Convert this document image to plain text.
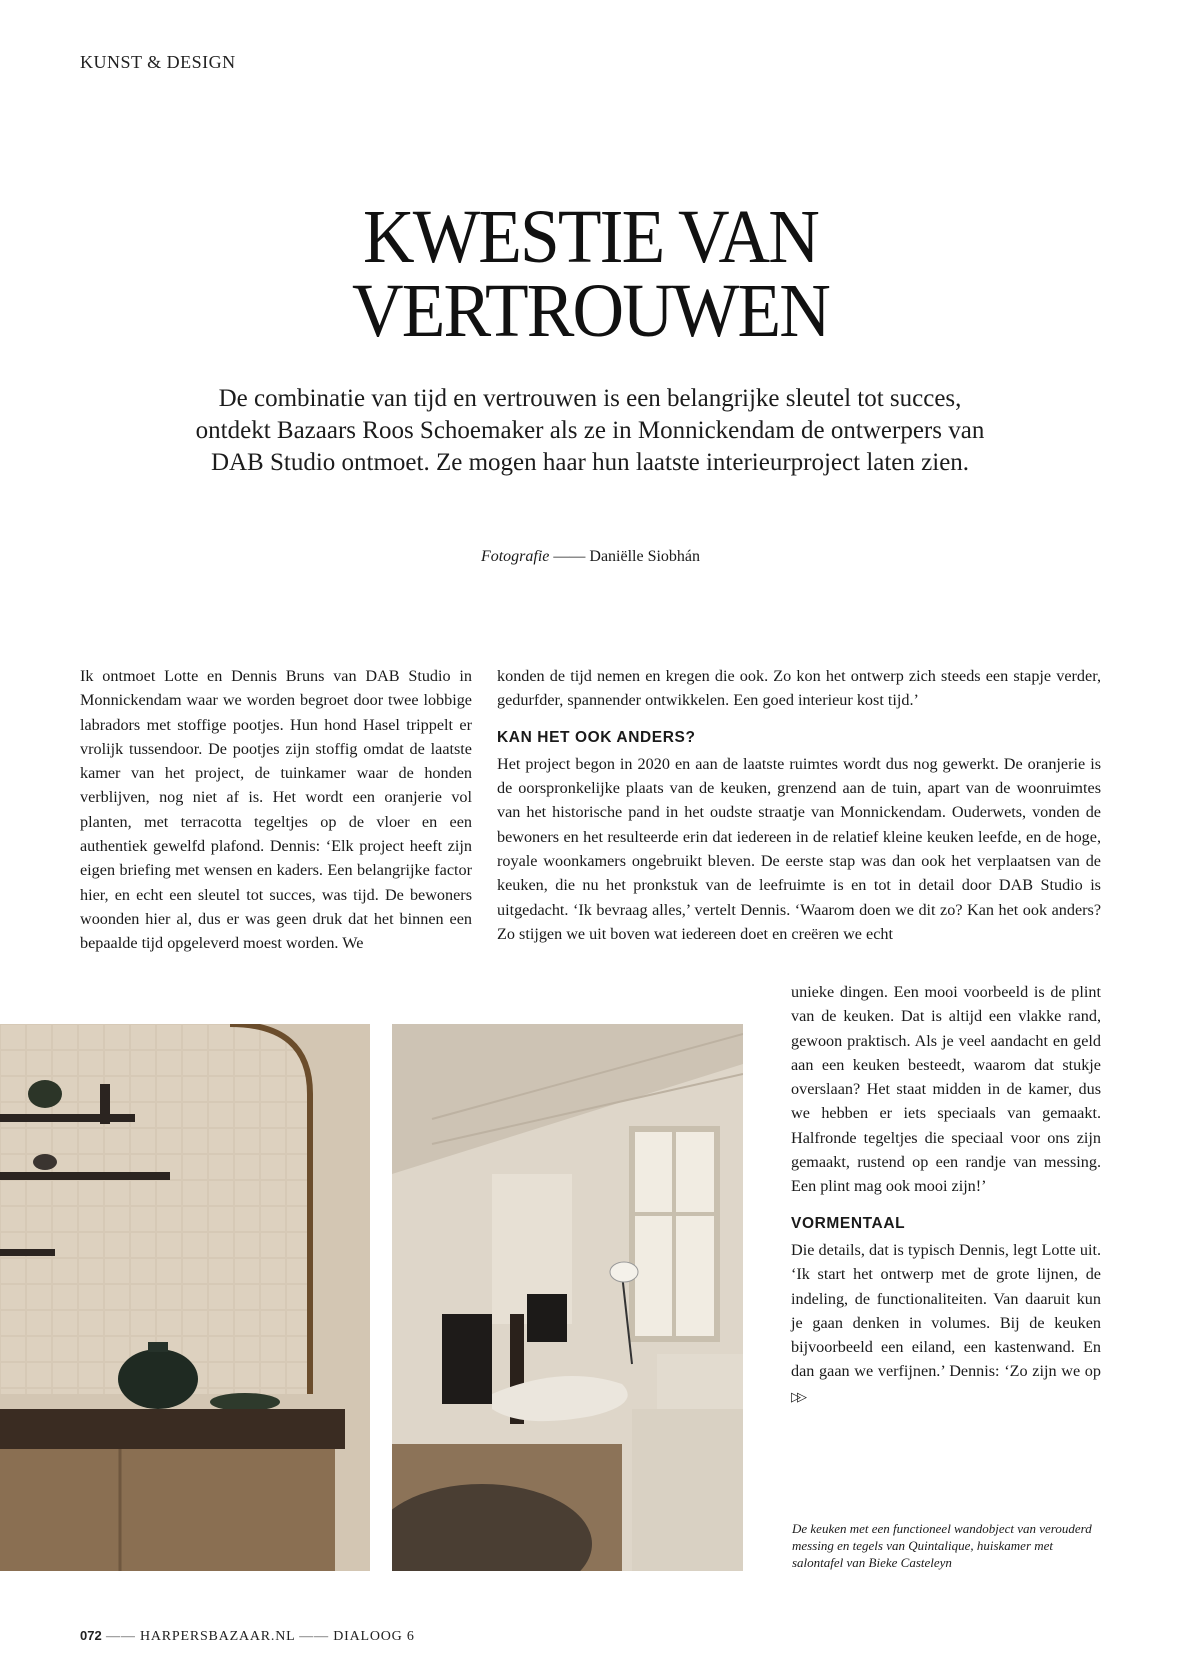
KUNST & DESIGN
KWESTIE VAN
VERTROUWEN

De combinatie van tijd en vertrouwen is een belangrijke sleutel tot succes, ontdekt Bazaars Roos Schoemaker als ze in Monnickendam de ontwerpers van DAB Studio ontmoet. Ze mogen haar hun laatste interieurproject laten zien.

Fotografie —— Daniëlle Siobhán

Ik ontmoet Lotte en Dennis Bruns van DAB Studio in Monnickendam waar we worden begroet door twee lobbige labradors met stoffige pootjes. Hun hond Hasel trippelt er vrolijk tussendoor. De pootjes zijn stoffig omdat de laatste kamer van het project, de tuinkamer waar de honden verblijven, nog niet af is. Het wordt een oranjerie vol planten, met terracotta tegeltjes op de vloer en een authentiek gewelfd plafond. Dennis: ‘Elk project heeft zijn eigen briefing met wensen en kaders. Een belangrijke factor hier, en echt een sleutel tot succes, was tijd. De bewoners woonden hier al, dus er was geen druk dat het binnen een bepaalde tijd opgeleverd moest worden. We

konden de tijd nemen en kregen die ook. Zo kon het ontwerp zich steeds een stapje verder, gedurfder, spannender ontwikkelen. Een goed interieur kost tijd.’

KAN HET OOK ANDERS?

Het project begon in 2020 en aan de laatste ruimtes wordt dus nog gewerkt. De oranjerie is de oorspronkelijke plaats van de keuken, grenzend aan de tuin, apart van de woonruimtes van het historische pand in het oudste straatje van Monnickendam. Ouderwets, vonden de bewoners en het resulteerde erin dat iedereen in de relatief kleine keuken leefde, en de hoge, royale woonkamers ongebruikt bleven. De eerste stap was dan ook het verplaatsen van de keuken, die nu het pronkstuk van de leefruimte is en tot in detail door DAB Studio is uitgedacht. ‘Ik bevraag alles,’ vertelt Dennis. ‘Waarom doen we dit zo? Kan het ook anders? Zo stijgen we uit boven wat iedereen doet en creëren we echt

unieke dingen. Een mooi voorbeeld is de plint van de keuken. Dat is altijd een vlakke rand, gewoon praktisch. Als je veel aandacht en geld aan een keuken besteedt, waarom dat stukje overslaan? Het staat midden in de kamer, dus we hebben er iets speciaals van gemaakt. Halfronde tegeltjes die speciaal voor ons zijn gemaakt, rustend op een randje van messing. Een plint mag ook mooi zijn!’

VORMENTAAL

Die details, dat is typisch Dennis, legt Lotte uit. ‘Ik start het ontwerp met de grote lijnen, de indeling, de functionaliteiten. Van daaruit kun je gaan denken in volumes. Bij de keuken bijvoorbeeld een eiland, een kastenwand. En dan gaan we verfijnen.’ Dennis: ‘Zo zijn we op ▷▷

De keuken met een functioneel wandobject van verouderd messing en tegels van Quintalique, huiskamer met salontafel van Bieke Casteleyn

072 —— HARPERSBAZAAR.NL —— DIALOOG 6
